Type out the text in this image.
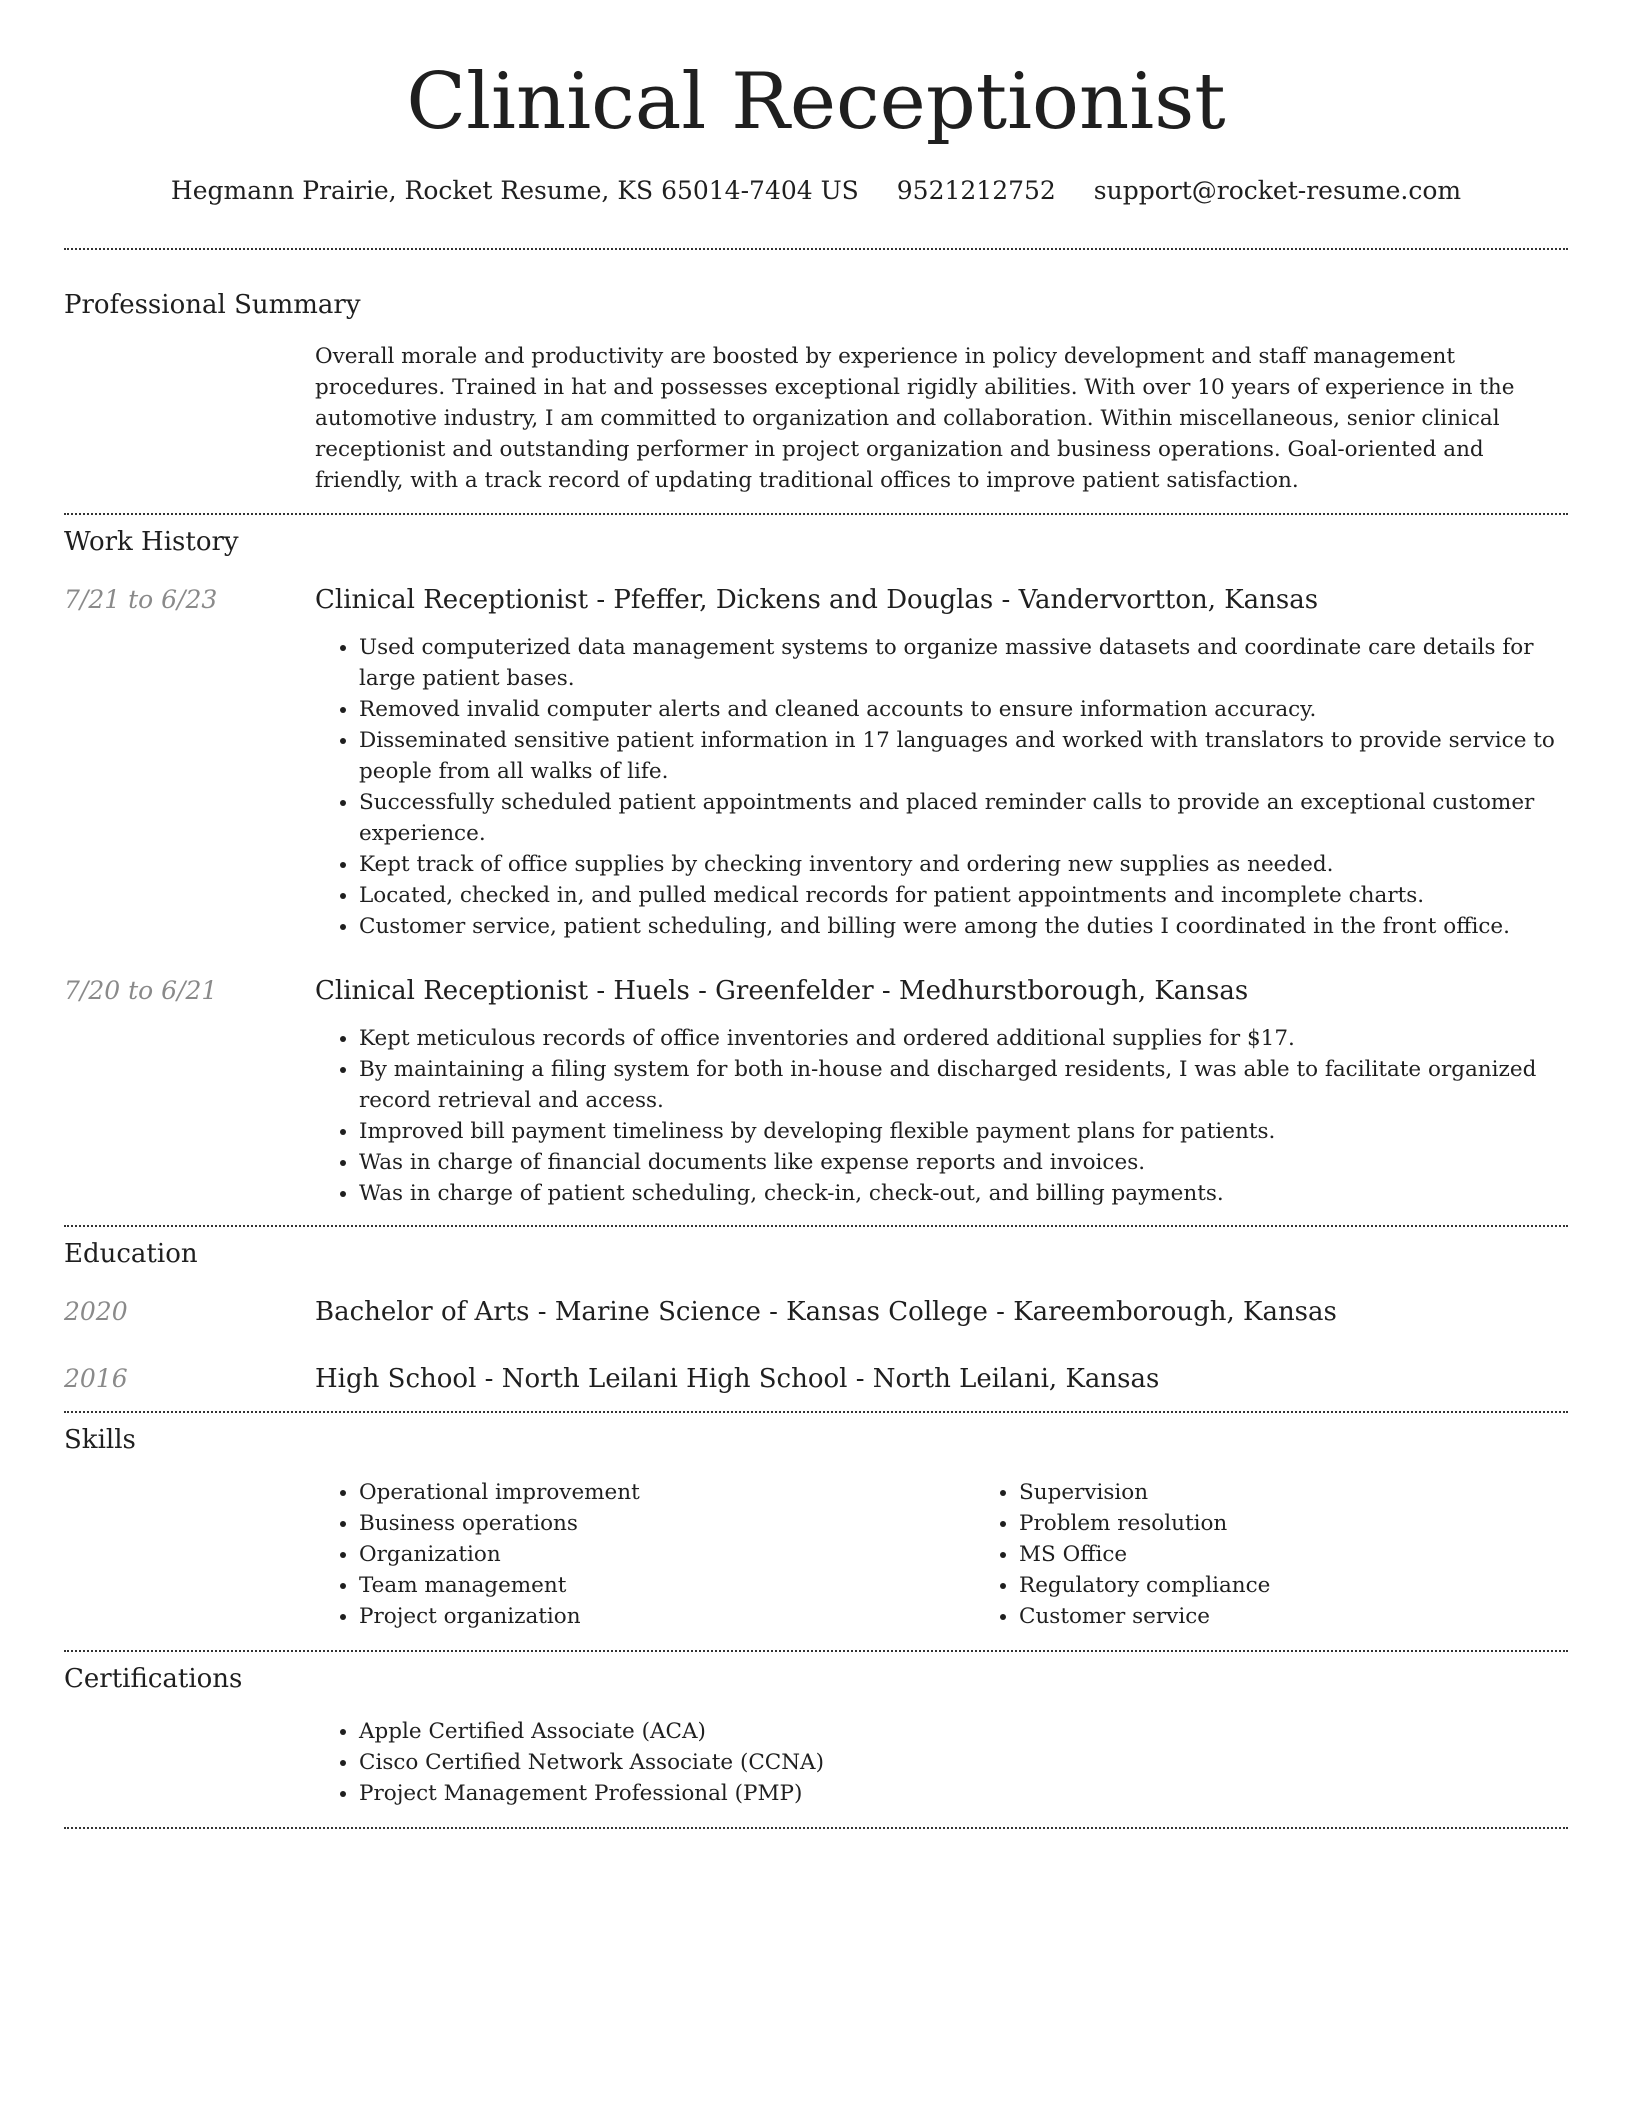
Clinical Receptionist
Hegmann Prairie, Rocket Resume, KS 65014-7404 US 9521212752 support@rocket-resume.com
Professional Summary

Overall morale and productivity are boosted by experience in policy development and staff management procedures. Trained in hat and possesses exceptional rigidly abilities. With over 10 years of experience in the automotive industry, I am committed to organization and collaboration. Within miscellaneous, senior clinical receptionist and outstanding performer in project organization and business operations. Goal-oriented and friendly, with a track record of updating traditional offices to improve patient satisfaction.

Work History
7/21 to 6/23	Clinical Receptionist - Pfeffer, Dickens and Douglas - Vandervortton, Kansas
• Used computerized data management systems to organize massive datasets and coordinate care details for large patient bases.
• Removed invalid computer alerts and cleaned accounts to ensure information accuracy.
• Disseminated sensitive patient information in 17 languages and worked with translators to provide service to people from all walks of life.
• Successfully scheduled patient appointments and placed reminder calls to provide an exceptional customer experience.
• Kept track of office supplies by checking inventory and ordering new supplies as needed.
• Located, checked in, and pulled medical records for patient appointments and incomplete charts.
• Customer service, patient scheduling, and billing were among the duties I coordinated in the front office.
7/20 to 6/21	Clinical Receptionist - Huels - Greenfelder - Medhurstborough, Kansas
• Kept meticulous records of office inventories and ordered additional supplies for $17.
• By maintaining a filing system for both in-house and discharged residents, I was able to facilitate organized record retrieval and access.
• Improved bill payment timeliness by developing flexible payment plans for patients.
• Was in charge of financial documents like expense reports and invoices.
• Was in charge of patient scheduling, check-in, check-out, and billing payments.
Education
2020	Bachelor of Arts - Marine Science - Kansas College - Kareemborough, Kansas
2016	High School - North Leilani High School - North Leilani, Kansas
Skills
• Operational improvement
• Business operations
• Organization
• Team management
• Project organization
• Supervision
• Problem resolution
• MS Office
• Regulatory compliance
• Customer service
Certifications
• Apple Certified Associate (ACA)
• Cisco Certified Network Associate (CCNA)
• Project Management Professional (PMP)
